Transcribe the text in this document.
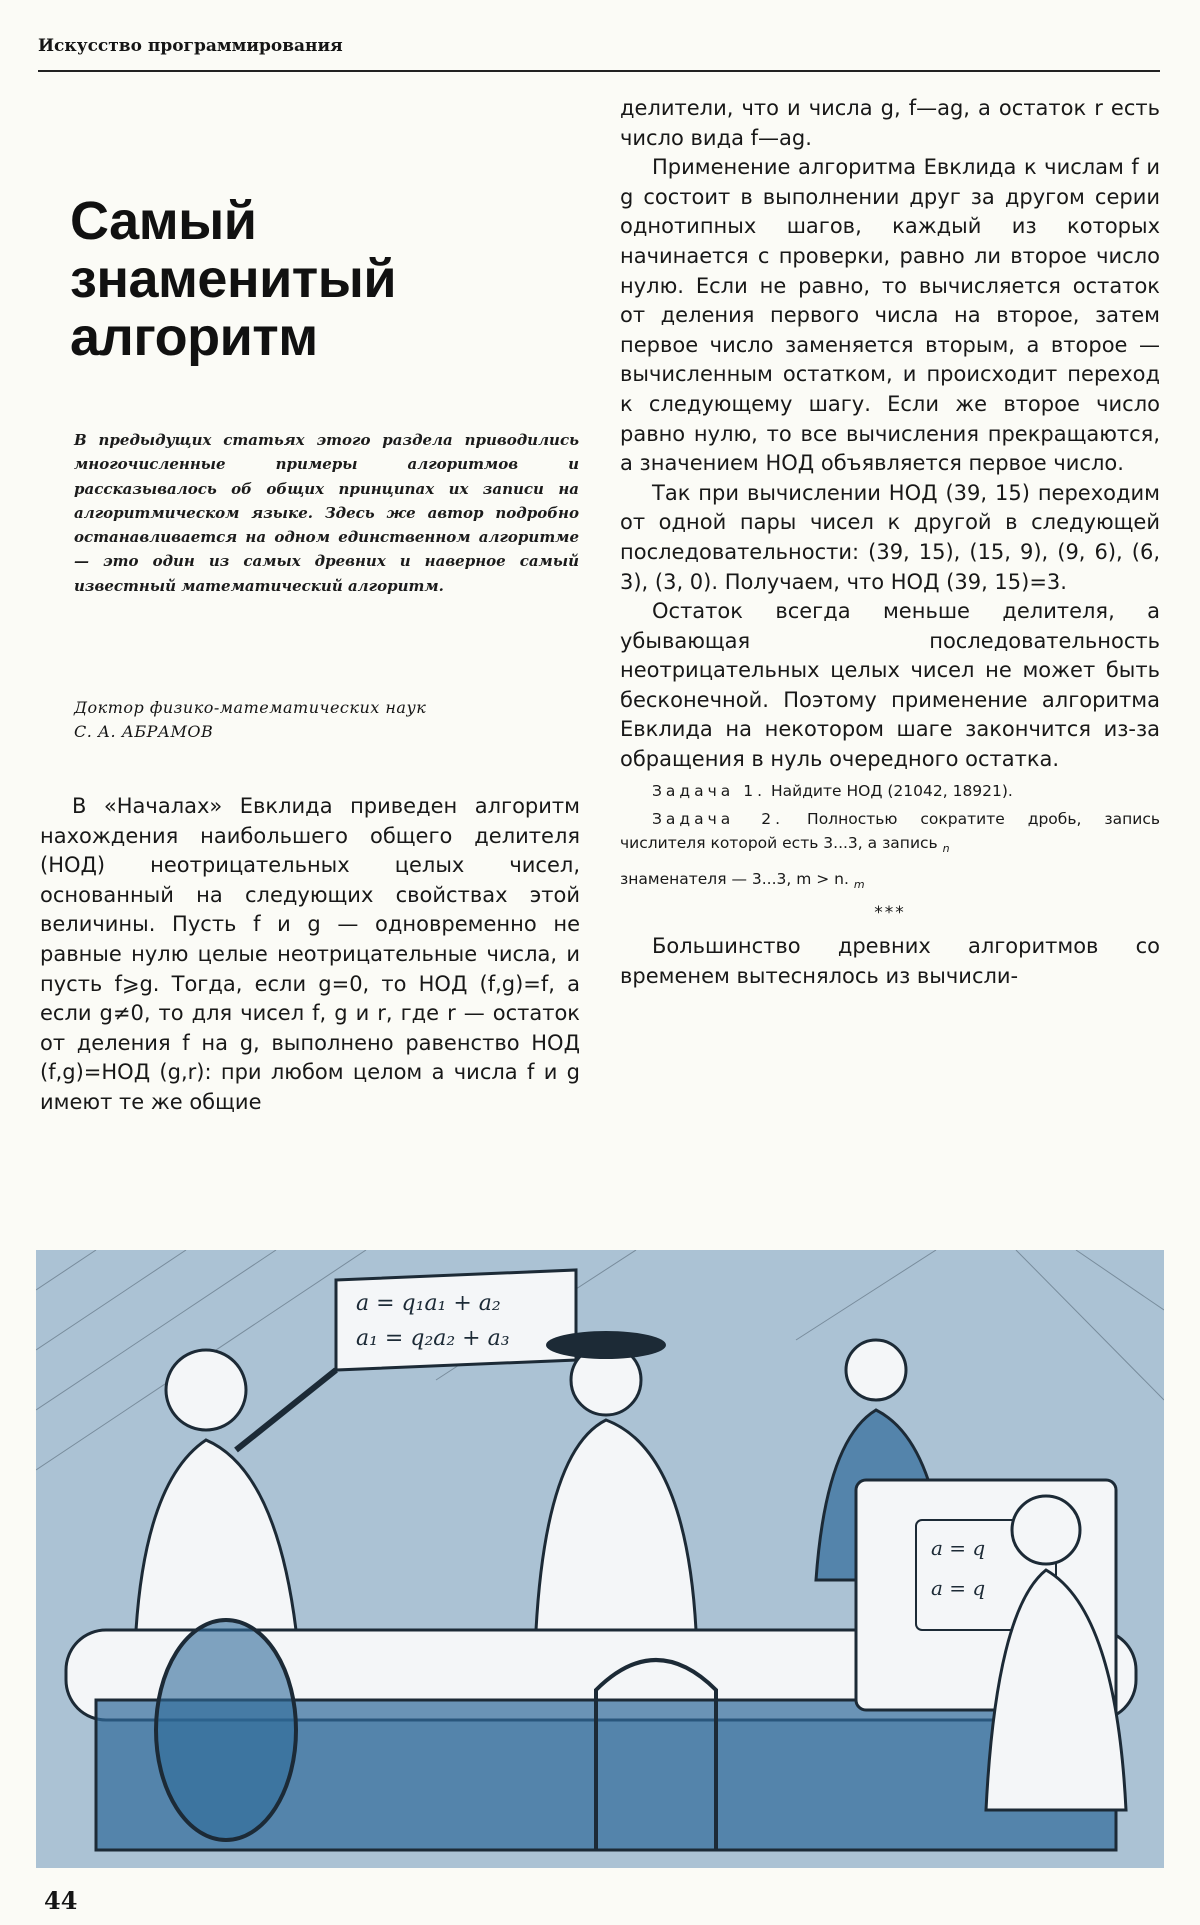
Искусство программирования
Самый
знаменитый
алгоритм
В предыдущих статьях этого раздела приводились многочисленные примеры алгоритмов и рассказывалось об общих принципах их записи на алгоритмическом языке. Здесь же автор подробно останавливается на одном единственном алгоритме — это один из самых древних и наверное самый известный математический алгоритм.
Доктор физико-математических наук
С. А. АБРАМОВ

В «Началах» Евклида приведен алгоритм нахождения наибольшего общего делителя (НОД) неотрицательных целых чисел, основанный на следующих свойствах этой величины. Пусть f и g — одновременно не равные нулю целые неотрицательные числа, и пусть f⩾g. Тогда, если g=0, то НОД (f,g)=f, а если g≠0, то для чисел f, g и r, где r — остаток от деления f на g, выполнено равенство НОД (f,g)=НОД (g,r): при любом целом a числа f и g имеют те же общие

делители, что и числа g, f—ag, а остаток r есть число вида f—ag.

Применение алгоритма Евклида к числам f и g состоит в выполнении друг за другом серии однотипных шагов, каждый из которых начинается с проверки, равно ли второе число нулю. Если не равно, то вычисляется остаток от деления первого числа на второе, затем первое число заменяется вторым, а второе — вычисленным остатком, и происходит переход к следующему шагу. Если же второе число равно нулю, то все вычисления прекращаются, а значением НОД объявляется первое число.

Так при вычислении НОД (39, 15) переходим от одной пары чисел к другой в следующей последовательности: (39, 15), (15, 9), (9, 6), (6, 3), (3, 0). Получаем, что НОД (39, 15)=3.

Остаток всегда меньше делителя, а убывающая последовательность неотрицательных целых чисел не может быть бесконечной. Поэтому применение алгоритма Евклида на некотором шаге закончится из-за обращения в нуль очередного остатка.

Задача 1. Найдите НОД (21042, 18921).
Задача 2. Полностью сократите дробь, запись числителя которой есть 3...3, а запись $_n$
знаменателя — 3...3, m > n. $_m$
***

Большинство древних алгоритмов со временем вытеснялось из вычисли-

a = q₁a₁ + a₂
a₁ = q₂a₂ + a₃
a = q
a = q
44
